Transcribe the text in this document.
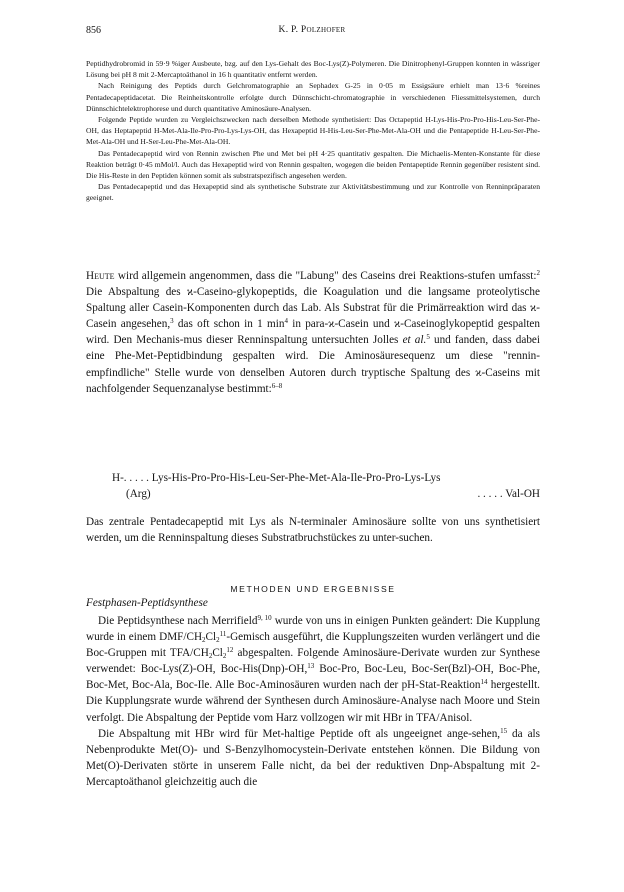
856	K. P. Polzhofer

Peptidhydrobromid in 59·9 %iger Ausbeute, bzg. auf den Lys-Gehalt des Boc-Lys(Z)-Polymeren. Die Dinitrophenyl-Gruppen konnten in wässriger Lösung bei pH 8 mit 2-Mercaptoäthanol in 16 h quantitativ entfernt werden.

Nach Reinigung des Peptids durch Gelchromatographie an Sephadex G-25 in 0·05 m Essigsäure erhielt man 13·6 %reines Pentadecapeptidacetat. Die Reinheitskontrolle erfolgte durch Dünnschicht-chromatographie in verschiedenen Fliessmittelsystemen, durch Dünnschichtelektrophorese und durch quantitative Aminosäure-Analysen.

Folgende Peptide wurden zu Vergleichszwecken nach derselben Methode synthetisiert: Das Octapeptid H-Lys-His-Pro-Pro-His-Leu-Ser-Phe-OH, das Heptapeptid H-Met-Ala-Ile-Pro-Pro-Lys-Lys-OH, das Hexapeptid H-His-Leu-Ser-Phe-Met-Ala-OH und die Pentapeptide H-Leu-Ser-Phe-Met-Ala-OH und H-Ser-Leu-Phe-Met-Ala-OH.

Das Pentadecapeptid wird von Rennin zwischen Phe und Met bei pH 4·25 quantitativ gespalten. Die Michaelis-Menten-Konstante für diese Reaktion beträgt 0·45 mMol/l. Auch das Hexapeptid wird von Rennin gespalten, wogegen die beiden Pentapeptide Rennin gegenüber resistent sind. Die His-Reste in den Peptiden können somit als substratspezifisch angesehen werden.

Das Pentadecapeptid und das Hexapeptid sind als synthetische Substrate zur Aktivitätsbestimmung und zur Kontrolle von Renninpräparaten geeignet.

Heute wird allgemein angenommen, dass die "Labung" des Caseins drei Reaktions-stufen umfasst:$^2$ Die Abspaltung des ϰ-Caseino-glykopeptids, die Koagulation und die langsame proteolytische Spaltung aller Casein-Komponenten durch das Lab. Als Substrat für die Primärreaktion wird das ϰ-Casein angesehen,$^3$ das oft schon in 1 $\min^4$ in para-ϰ-Casein und ϰ-Caseinoglykopeptid gespalten wird. Den Mechanis-mus dieser Renninspaltung untersuchten Jolles et al.$^5$ und fanden, dass dabei eine Phe-Met-Peptidbindung gespalten wird. Die Aminosäuresequenz um diese "rennin-empfindliche" Stelle wurde von denselben Autoren durch tryptische Spaltung des ϰ-Caseins mit nachfolgender Sequenzanalyse bestimmt:$^{6-8}$

H-. . . . . Lys-His-Pro-Pro-His-Leu-Ser-Phe-Met-Ala-Ile-Pro-Pro-Lys-Lys
(Arg)	. . . . . Val-OH

Das zentrale Pentadecapeptid mit Lys als N-terminaler Aminosäure sollte von uns synthetisiert werden, um die Renninspaltung dieses Substratbruchstückes zu unter-suchen.

METHODEN UND ERGEBNISSE
Festphasen-Peptidsynthese

Die Peptidsynthese nach Merrifield$^{9, 10}$ wurde von uns in einigen Punkten geändert: Die Kupplung wurde in einem DMF/$CH_2Cl_2^{11}$-Gemisch ausgeführt, die Kupplungszeiten wurden verlängert und die Boc-Gruppen mit TFA/$CH_2Cl_2^{12}$ abgespalten. Folgende Aminosäure-Derivate wurden zur Synthese verwendet: Boc-Lys(Z)-OH, Boc-His(Dnp)-OH,$^{13}$ Boc-Pro, Boc-Leu, Boc-Ser(Bzl)-OH, Boc-Phe, Boc-Met, Boc-Ala, Boc-Ile. Alle Boc-Aminosäuren wurden nach der pH-Stat-Reaktion$^{14}$ hergestellt. Die Kupplungsrate wurde während der Synthesen durch Aminosäure-Analyse nach Moore und Stein verfolgt. Die Abspaltung der Peptide vom Harz vollzogen wir mit HBr in TFA/Anisol.

Die Abspaltung mit HBr wird für Met-haltige Peptide oft als ungeeignet ange-sehen,$^{15}$ da als Nebenprodukte Met(O)- und S-Benzylhomocystein-Derivate entstehen können. Die Bildung von Met(O)-Derivaten störte in unserem Falle nicht, da bei der reduktiven Dnp-Abspaltung mit 2-Mercaptoäthanol gleichzeitig auch die
